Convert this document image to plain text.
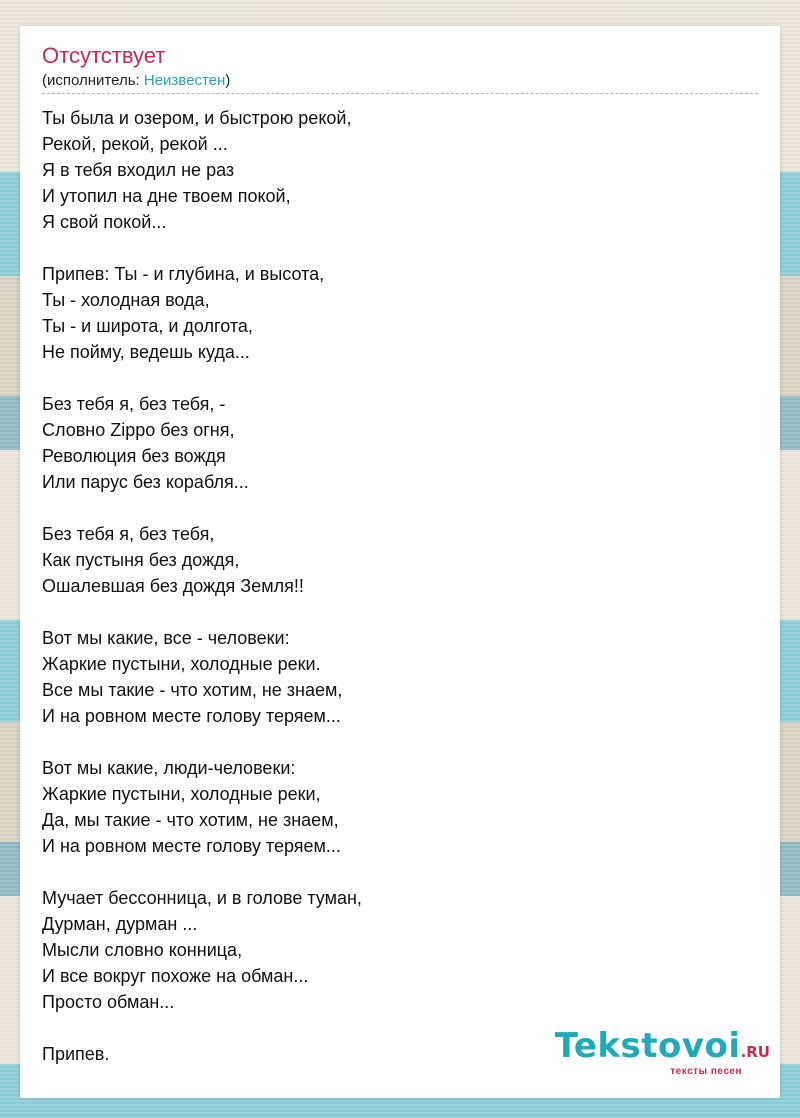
Отсутствует
(исполнитель: Неизвестен)
Ты была и озером, и быстрою рекой,
Рекой, рекой, рекой ...
Я в тебя входил не раз
И утопил на дне твоем покой,
Я свой покой...
Припев: Ты - и глубина, и высота,
Ты - холодная вода,
Ты - и широта, и долгота,
Не пойму, ведешь куда...
Без тебя я, без тебя, -
Словно Zippo без огня,
Революция без вождя
Или парус без корабля...
Без тебя я, без тебя,
Как пустыня без дождя,
Ошалевшая без дождя Земля!!
Вот мы какие, все - человеки:
Жаркие пустыни, холодные реки.
Все мы такие - что хотим, не знаем,
И на ровном месте голову теряем...
Вот мы какие, люди-человеки:
Жаркие пустыни, холодные реки,
Да, мы такие - что хотим, не знаем,
И на ровном месте голову теряем...
Мучает бессонница, и в голове туман,
Дурман, дурман ...
Мысли словно конница,
И все вокруг похоже на обман...
Просто обман...
Припев.	Tekstovoi.RU
тексты песен
